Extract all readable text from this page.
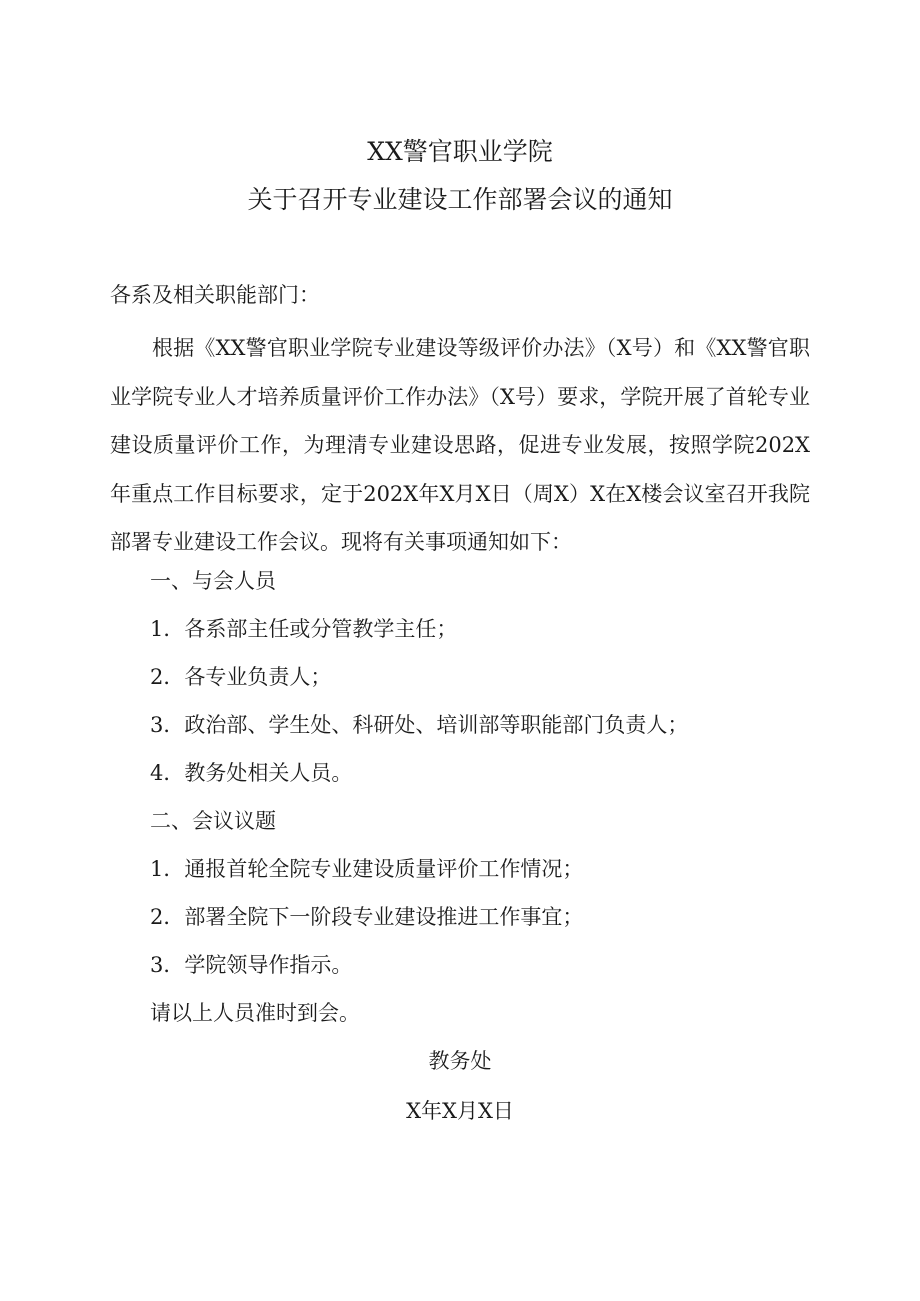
XX警官职业学院
关于召开专业建设工作部署会议的通知
各系及相关职能部门：
根据《XX警官职业学院专业建设等级评价办法》（X号）和《XX警官职业学院专业人才培养质量评价工作办法》（X号）要求，学院开展了首轮专业建设质量评价工作，为理清专业建设思路，促进专业发展，按照学院202X年重点工作目标要求，定于202X年X月X日（周X）X在X楼会议室召开我院部署专业建设工作会议。现将有关事项通知如下：
一、与会人员
1．各系部主任或分管教学主任；
2．各专业负责人；
3．政治部、学生处、科研处、培训部等职能部门负责人；
4．教务处相关人员。
二、会议议题
1．通报首轮全院专业建设质量评价工作情况；
2．部署全院下一阶段专业建设推进工作事宜；
3．学院领导作指示。
请以上人员准时到会。
教务处
X年X月X日
